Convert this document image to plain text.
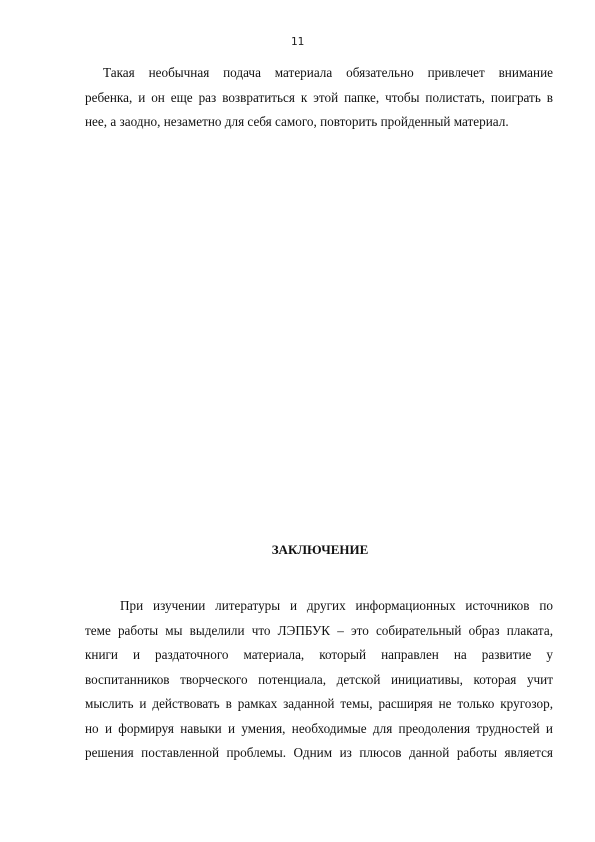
11
Такая необычная подача материала обязательно привлечет внимание
ребенка, и он еще раз возвратиться к этой папке, чтобы полистать, поиграть в
нее, а заодно, незаметно для себя самого, повторить пройденный материал.
ЗАКЛЮЧЕНИЕ
При изучении литературы и других информационных источников по
теме работы мы выделили что ЛЭПБУК – это собирательный образ плаката,
книги и раздаточного материала, который направлен на развитие у
воспитанников творческого потенциала, детской инициативы, которая учит
мыслить и действовать в рамках заданной темы, расширяя не только кругозор,
но и формируя навыки и умения, необходимые для преодоления трудностей и
решения поставленной проблемы. Одним из плюсов данной работы является
